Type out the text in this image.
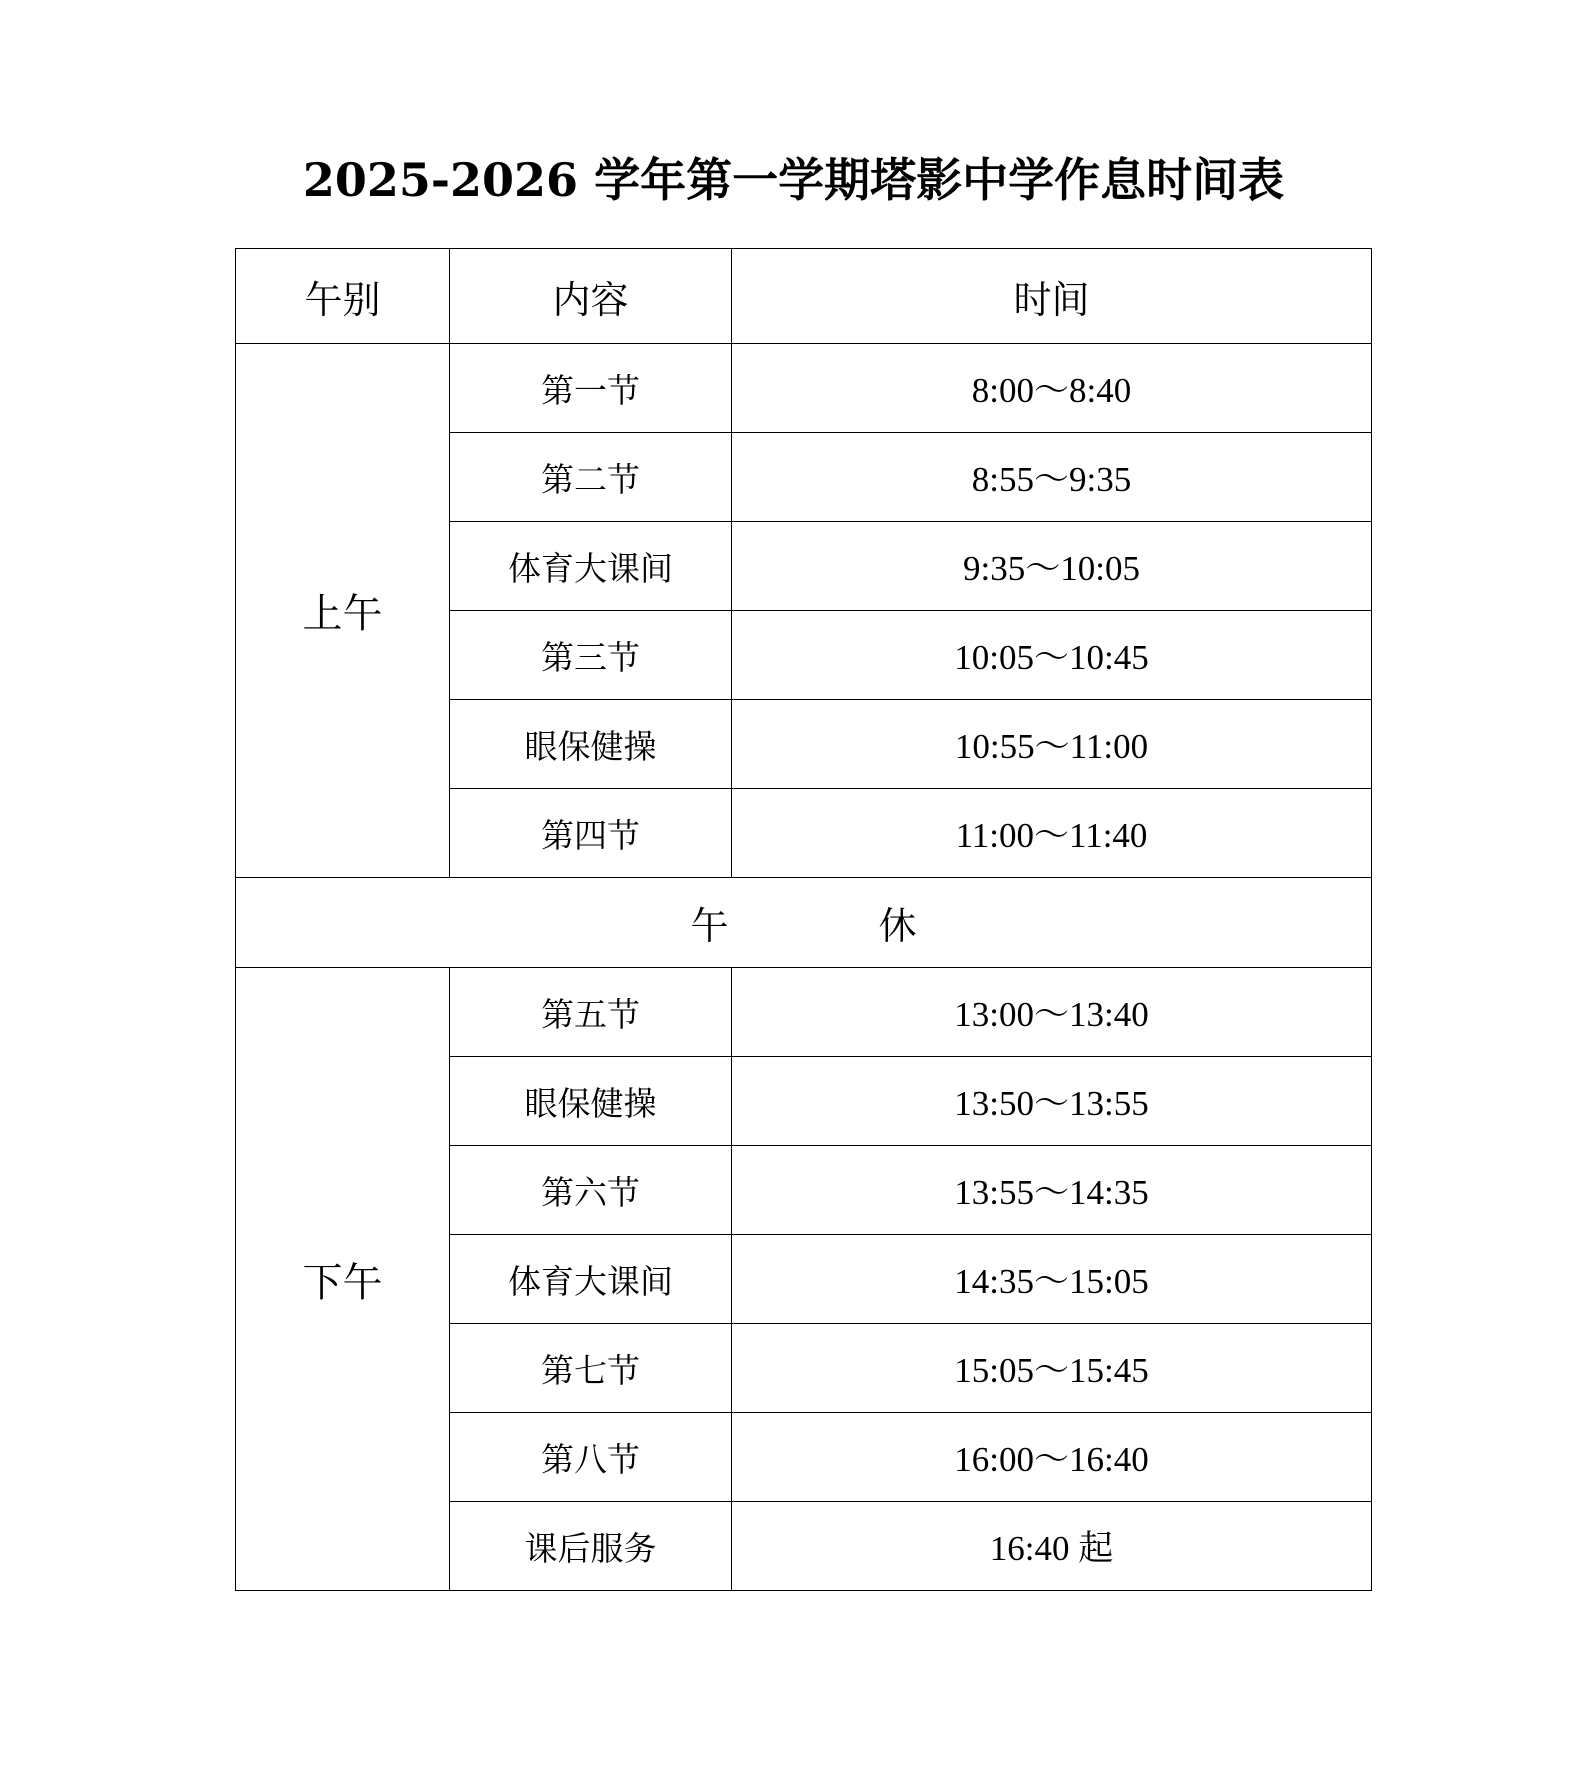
2025-2026 学年第一学期塔影中学作息时间表
午别	内容	时间
上午	第一节	8:00～8:40
	第二节	8:55～9:35
	体育大课间	9:35～10:05
	第三节	10:05～10:45
	眼保健操	10:55～11:00
	第四节	11:00～11:40
午 休		
下午	第五节	13:00～13:40
	眼保健操	13:50～13:55
	第六节	13:55～14:35
	体育大课间	14:35～15:05
	第七节	15:05～15:45
	第八节	16:00～16:40
	课后服务	16:40 起
